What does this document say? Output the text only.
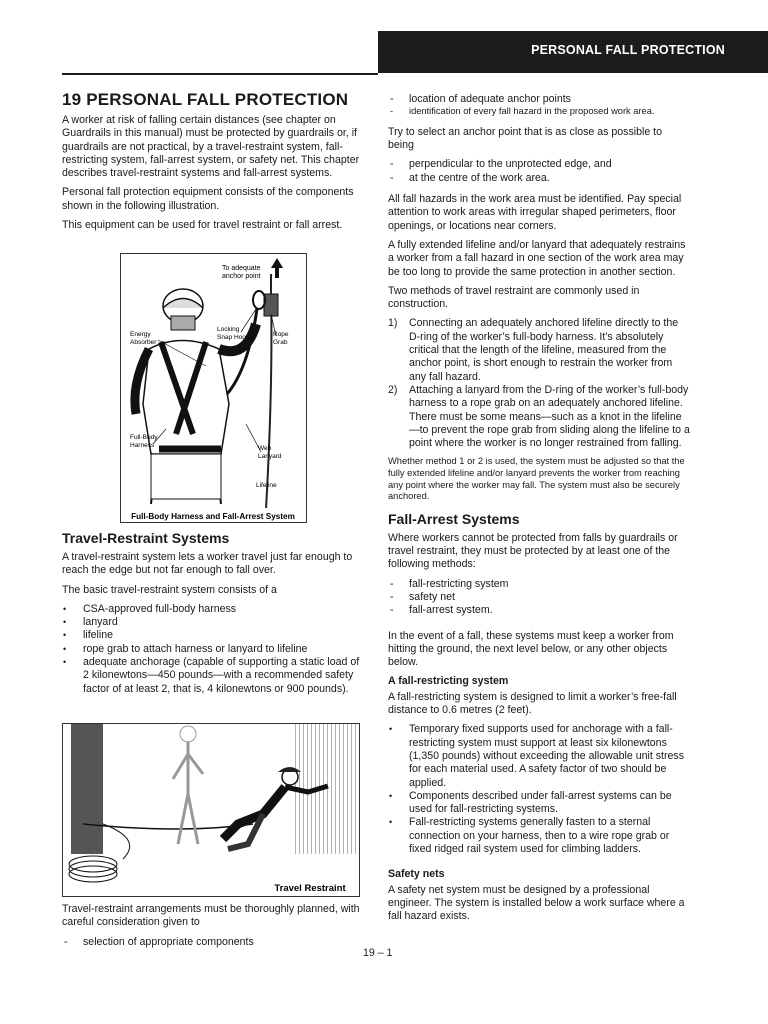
PERSONAL FALL PROTECTION
19 PERSONAL FALL PROTECTION

A worker at risk of falling certain distances (see chapter on Guardrails in this manual) must be protected by guardrails or, if guardrails are not practical, by a travel-restraint system, fall-restricting system, fall-arrest system, or safety net. This chapter describes travel-restraint systems and fall-arrest systems.

Personal fall protection equipment consists of the components shown in the following illustration.

This equipment can be used for travel restraint or fall arrest.

To adequate
anchor point
Energy
Absorber
Locking
Snap Hooks	Rope
Grab
Full-Body
Harness	Web
Lanyard
Lifeline
Full-Body Harness and Fall-Arrest System
Travel-Restraint Systems

A travel-restraint system lets a worker travel just far enough to reach the edge but not far enough to fall over.

The basic travel-restraint system consists of a

• CSA-approved full-body harness
• lanyard
• lifeline
• rope grab to attach harness or lanyard to lifeline
• adequate anchorage (capable of supporting a static load of 2 kilonewtons—450 pounds—with a recommended safety factor of at least 2, that is, 4 kilonewtons or 900 pounds).
Travel Restraint

Travel-restraint arrangements must be thoroughly planned, with careful consideration given to

- selection of appropriate components
- location of adequate anchor points
- identification of every fall hazard in the proposed work area.

Try to select an anchor point that is as close as possible to being

- perpendicular to the unprotected edge, and
- at the centre of the work area.

All fall hazards in the work area must be identified. Pay special attention to work areas with irregular shaped perimeters, floor openings, or locations near corners.

A fully extended lifeline and/or lanyard that adequately restrains a worker from a fall hazard in one section of the work area may be too long to provide the same protection in another section.

Two methods of travel restraint are commonly used in construction.

1) Connecting an adequately anchored lifeline directly to the D-ring of the worker’s full-body harness. It’s absolutely critical that the length of the lifeline, measured from the anchor point, is short enough to restrain the worker from any fall hazard.
2) Attaching a lanyard from the D-ring of the worker’s full-body harness to a rope grab on an adequately anchored lifeline. There must be some means—such as a knot in the lifeline—to prevent the rope grab from sliding along the lifeline to a point where the worker is no longer restrained from falling.

Whether method 1 or 2 is used, the system must be adjusted so that the fully extended lifeline and/or lanyard prevents the worker from reaching any point where the worker may fall. The system must also be securely anchored.

Fall-Arrest Systems

Where workers cannot be protected from falls by guardrails or travel restraint, they must be protected by at least one of the following methods:

- fall-restricting system
- safety net
- fall-arrest system.

In the event of a fall, these systems must keep a worker from hitting the ground, the next level below, or any other objects below.

A fall-restricting system

A fall-restricting system is designed to limit a worker’s free-fall distance to 0.6 metres (2 feet).

• Temporary fixed supports used for anchorage with a fall-restricting system must support at least six kilonewtons (1,350 pounds) without exceeding the allowable unit stress for each material used. A safety factor of two should be applied.
• Components described under fall-arrest systems can be used for fall-restricting systems.
• Fall-restricting systems generally fasten to a sternal connection on your harness, then to a wire rope grab or fixed ridged rail system used for climbing ladders.
Safety nets

A safety net system must be designed by a professional engineer. The system is installed below a work surface where a fall hazard exists.

19 – 1
